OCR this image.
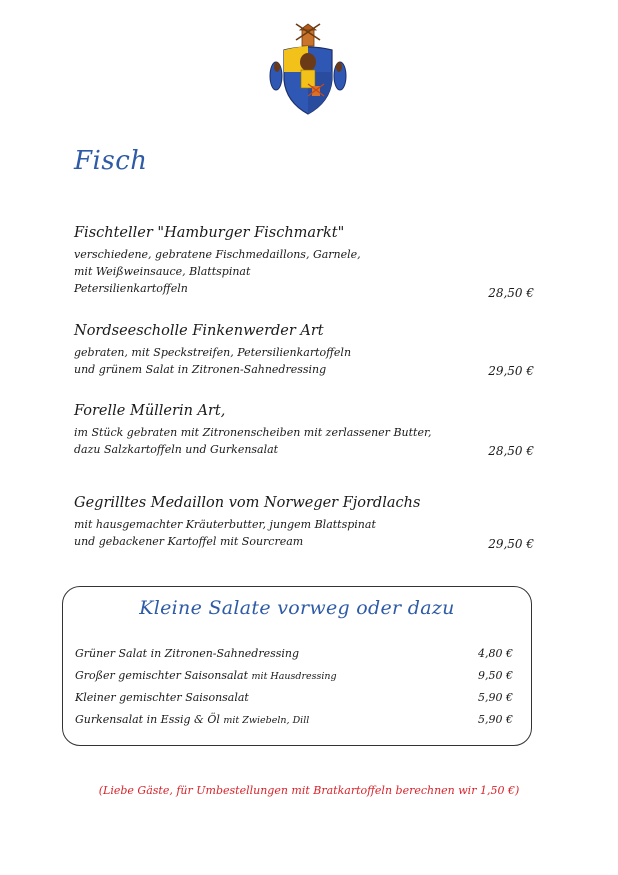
Fisch

Fischteller "Hamburger Fischmarkt"

verschiedene, gebratene Fischmedaillons, Garnele,

mit Weißweinsauce, Blattspinat

Petersilienkartoffeln	28,50 €

Nordseescholle Finkenwerder Art

gebraten, mit Speckstreifen, Petersilienkartoffeln

und grünem Salat in Zitronen-Sahnedressing	29,50 €

Forelle Müllerin Art,

im Stück gebraten mit Zitronenscheiben mit zerlassener Butter,

dazu Salzkartoffeln und Gurkensalat	28,50 €

Gegrilltes Medaillon vom Norweger Fjordlachs

mit hausgemachter Kräuterbutter, jungem Blattspinat

und gebackener Kartoffel mit Sourcream	29,50 €
Kleine Salate vorweg oder dazu
Grüner Salat in Zitronen-Sahnedressing	4,80 €
Großer gemischter Saisonsalat mit Hausdressing	9,50 €
Kleiner gemischter Saisonsalat	5,90 €
Gurkensalat in Essig & Öl mit Zwiebeln, Dill	5,90 €
(Liebe Gäste, für Umbestellungen mit Bratkartoffeln berechnen wir 1,50 €)
